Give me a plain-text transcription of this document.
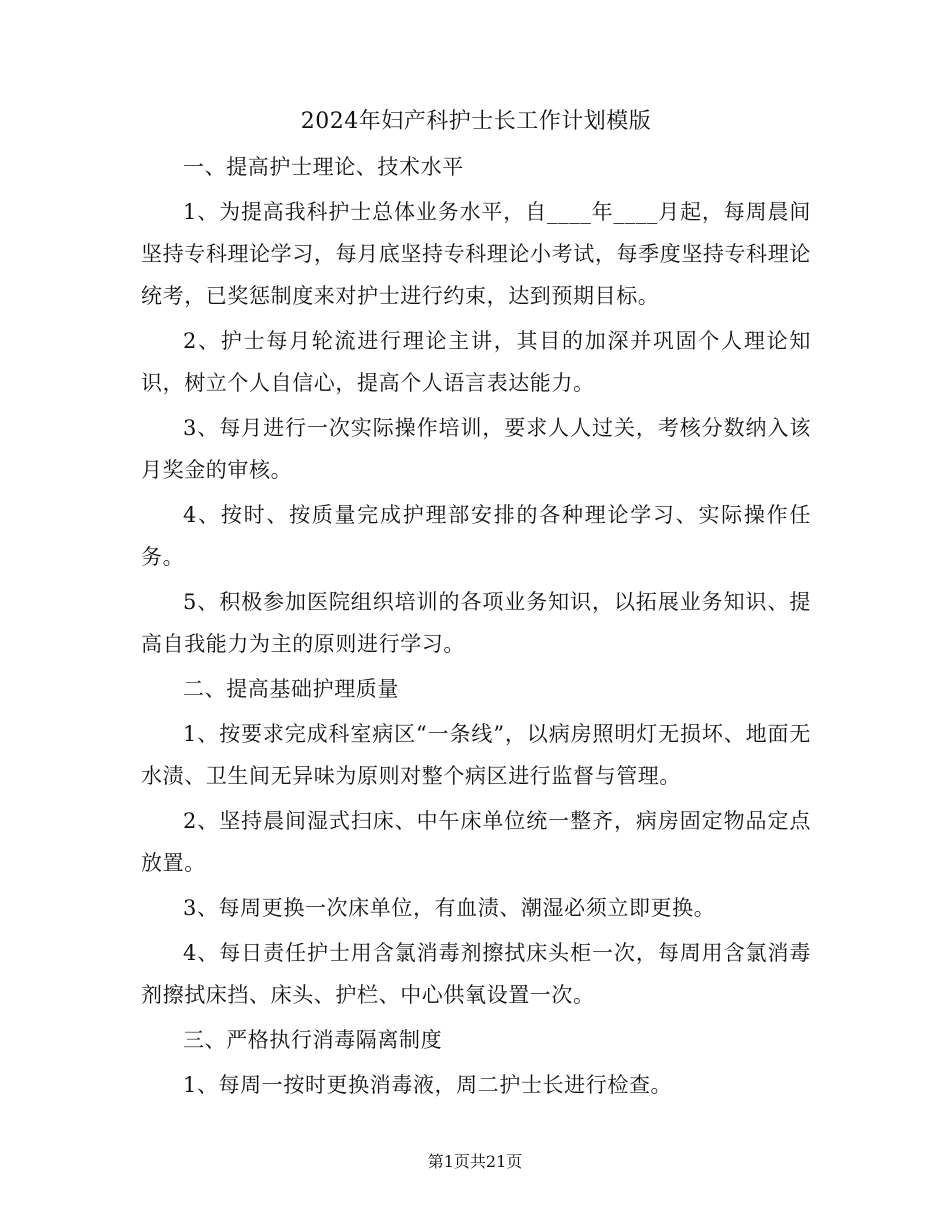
2024年妇产科护士长工作计划模版
一、提高护士理论、技术水平
1、为提高我科护士总体业务水平，自____年____月起，每周晨间坚持专科理论学习，每月底坚持专科理论小考试，每季度坚持专科理论统考，已奖惩制度来对护士进行约束，达到预期目标。
2、护士每月轮流进行理论主讲，其目的加深并巩固个人理论知识，树立个人自信心，提高个人语言表达能力。
3、每月进行一次实际操作培训，要求人人过关，考核分数纳入该月奖金的审核。
4、按时、按质量完成护理部安排的各种理论学习、实际操作任务。
5、积极参加医院组织培训的各项业务知识，以拓展业务知识、提高自我能力为主的原则进行学习。
二、提高基础护理质量
1、按要求完成科室病区“一条线”，以病房照明灯无损坏、地面无水渍、卫生间无异味为原则对整个病区进行监督与管理。
2、坚持晨间湿式扫床、中午床单位统一整齐，病房固定物品定点放置。
3、每周更换一次床单位，有血渍、潮湿必须立即更换。
4、每日责任护士用含氯消毒剂擦拭床头柜一次，每周用含氯消毒剂擦拭床挡、床头、护栏、中心供氧设置一次。
三、严格执行消毒隔离制度
1、每周一按时更换消毒液，周二护士长进行检查。
第1页共21页
